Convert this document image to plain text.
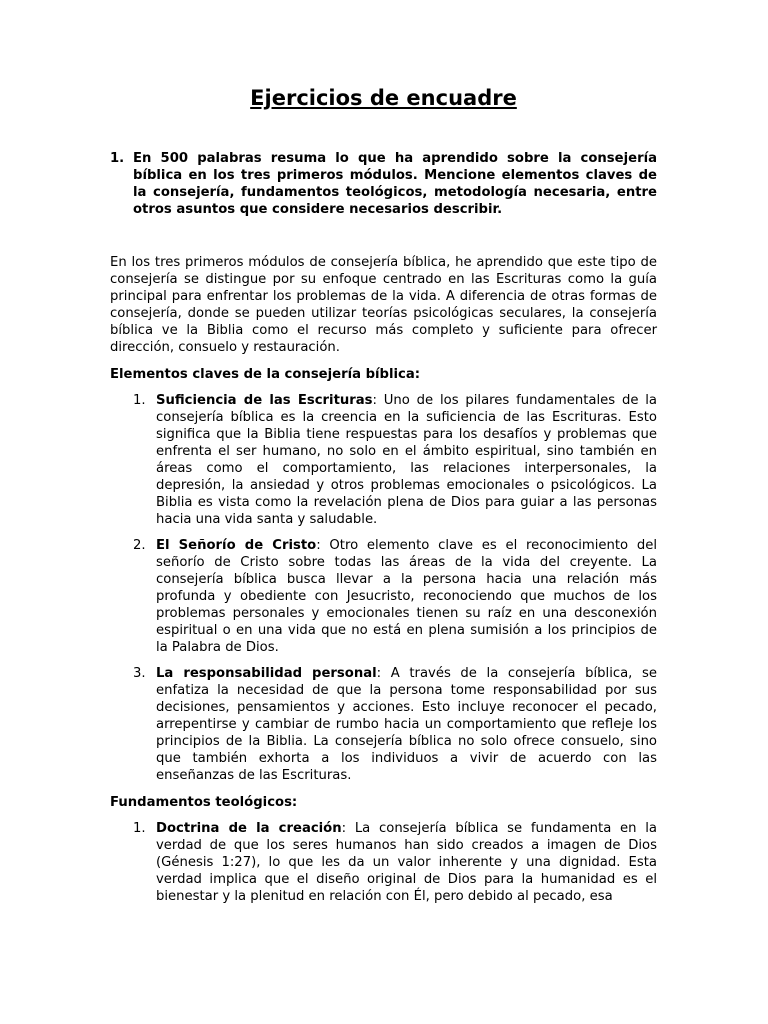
Ejercicios de encuadre
1. En 500 palabras resuma lo que ha aprendido sobre la consejería bíblica en los tres primeros módulos. Mencione elementos claves de la consejería, fundamentos teológicos, metodología necesaria, entre otros asuntos que considere necesarios describir.

En los tres primeros módulos de consejería bíblica, he aprendido que este tipo de consejería se distingue por su enfoque centrado en las Escrituras como la guía principal para enfrentar los problemas de la vida. A diferencia de otras formas de consejería, donde se pueden utilizar teorías psicológicas seculares, la consejería bíblica ve la Biblia como el recurso más completo y suficiente para ofrecer dirección, consuelo y restauración.

Elementos claves de la consejería bíblica:

1. Suficiencia de las Escrituras: Uno de los pilares fundamentales de la consejería bíblica es la creencia en la suficiencia de las Escrituras. Esto significa que la Biblia tiene respuestas para los desafíos y problemas que enfrenta el ser humano, no solo en el ámbito espiritual, sino también en áreas como el comportamiento, las relaciones interpersonales, la depresión, la ansiedad y otros problemas emocionales o psicológicos. La Biblia es vista como la revelación plena de Dios para guiar a las personas hacia una vida santa y saludable.
2. El Señorío de Cristo: Otro elemento clave es el reconocimiento del señorío de Cristo sobre todas las áreas de la vida del creyente. La consejería bíblica busca llevar a la persona hacia una relación más profunda y obediente con Jesucristo, reconociendo que muchos de los problemas personales y emocionales tienen su raíz en una desconexión espiritual o en una vida que no está en plena sumisión a los principios de la Palabra de Dios.
3. La responsabilidad personal: A través de la consejería bíblica, se enfatiza la necesidad de que la persona tome responsabilidad por sus decisiones, pensamientos y acciones. Esto incluye reconocer el pecado, arrepentirse y cambiar de rumbo hacia un comportamiento que refleje los principios de la Biblia. La consejería bíblica no solo ofrece consuelo, sino que también exhorta a los individuos a vivir de acuerdo con las enseñanzas de las Escrituras.

Fundamentos teológicos:

1. Doctrina de la creación: La consejería bíblica se fundamenta en la verdad de que los seres humanos han sido creados a imagen de Dios (Génesis 1:27), lo que les da un valor inherente y una dignidad. Esta verdad implica que el diseño original de Dios para la humanidad es el bienestar y la plenitud en relación con Él, pero debido al pecado, esa
